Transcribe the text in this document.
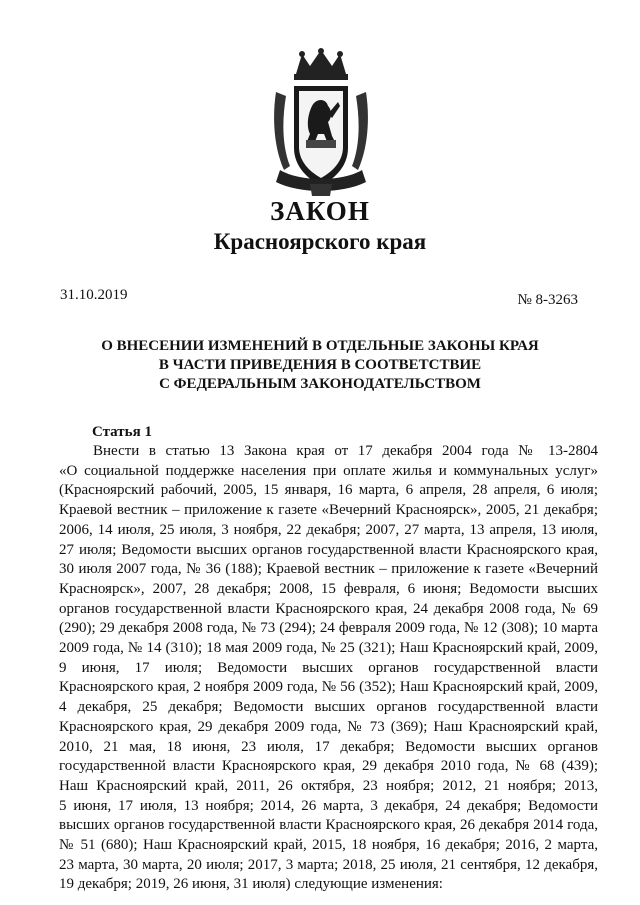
ЗАКОН
Красноярского края
31.10.2019	№ 8-3263
О ВНЕСЕНИИ ИЗМЕНЕНИЙ В ОТДЕЛЬНЫЕ ЗАКОНЫ КРАЯ
В ЧАСТИ ПРИВЕДЕНИЯ В СООТВЕТСТВИЕ
С ФЕДЕРАЛЬНЫМ ЗАКОНОДАТЕЛЬСТВОМ
Статья 1
Внести в статью 13 Закона края от 17 декабря 2004 года № 13-2804
«О социальной поддержке населения при оплате жилья и коммунальных услуг»
(Красноярский рабочий, 2005, 15 января, 16 марта, 6 апреля, 28 апреля, 6 июля;
Краевой вестник – приложение к газете «Вечерний Красноярск», 2005, 21 декабря;
2006, 14 июля, 25 июля, 3 ноября, 22 декабря; 2007, 27 марта, 13 апреля, 13 июля,
27 июля; Ведомости высших органов государственной власти Красноярского края,
30 июля 2007 года, № 36 (188); Краевой вестник – приложение к газете «Вечерний
Красноярск», 2007, 28 декабря; 2008, 15 февраля, 6 июня; Ведомости высших
органов государственной власти Красноярского края, 24 декабря 2008 года, № 69
(290); 29 декабря 2008 года, № 73 (294); 24 февраля 2009 года, № 12 (308); 10 марта
2009 года, № 14 (310); 18 мая 2009 года, № 25 (321); Наш Красноярский край, 2009,
9 июня, 17 июля; Ведомости высших органов государственной власти
Красноярского края, 2 ноября 2009 года, № 56 (352); Наш Красноярский край, 2009,
4 декабря, 25 декабря; Ведомости высших органов государственной власти
Красноярского края, 29 декабря 2009 года, № 73 (369); Наш Красноярский край,
2010, 21 мая, 18 июня, 23 июля, 17 декабря; Ведомости высших органов
государственной власти Красноярского края, 29 декабря 2010 года, № 68 (439);
Наш Красноярский край, 2011, 26 октября, 23 ноября; 2012, 21 ноября; 2013,
5 июня, 17 июля, 13 ноября; 2014, 26 марта, 3 декабря, 24 декабря; Ведомости
высших органов государственной власти Красноярского края, 26 декабря 2014 года,
№ 51 (680); Наш Красноярский край, 2015, 18 ноября, 16 декабря; 2016, 2 марта,
23 марта, 30 марта, 20 июля; 2017, 3 марта; 2018, 25 июля, 21 сентября, 12 декабря,
19 декабря; 2019, 26 июня, 31 июля) следующие изменения:
